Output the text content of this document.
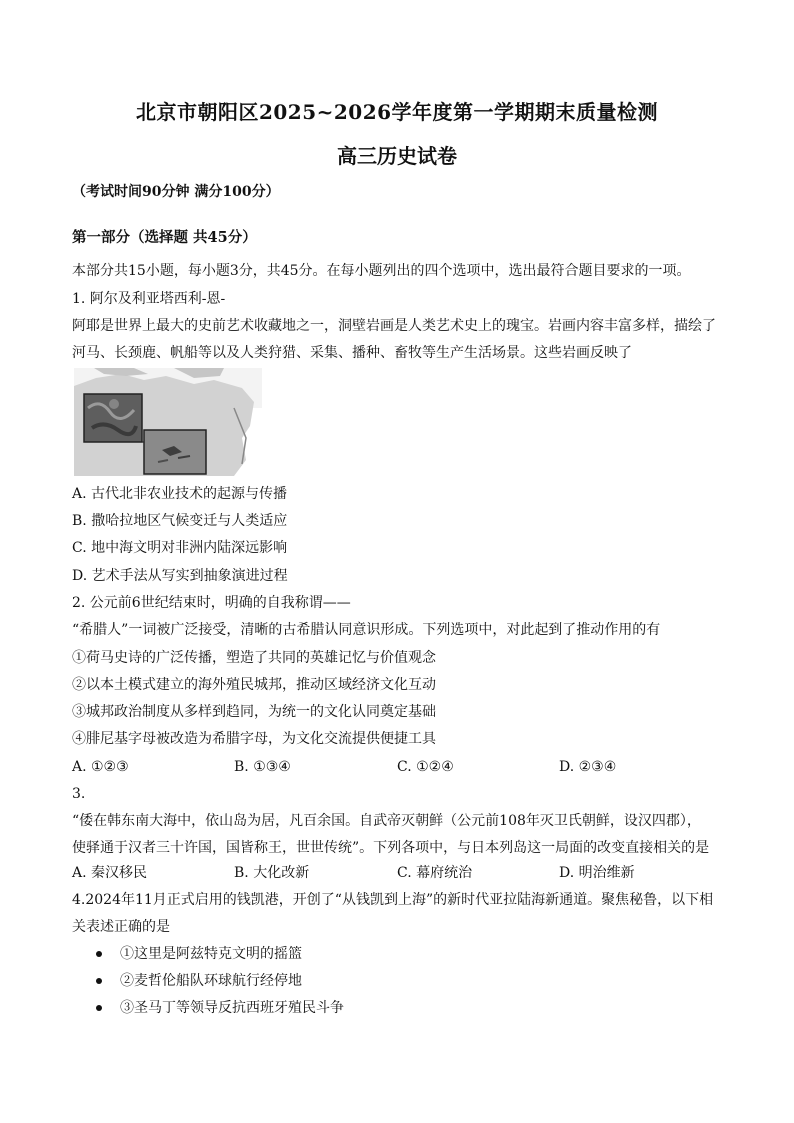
北京市朝阳区2025~2026学年度第一学期期末质量检测
高三历史试卷
（考试时间90分钟 满分100分）
第一部分（选择题 共45分）
本部分共15小题，每小题3分，共45分。在每小题列出的四个选项中，选出最符合题目要求的一项。
1. 阿尔及利亚塔西利-恩-
阿耶是世界上最大的史前艺术收藏地之一，洞壁岩画是人类艺术史上的瑰宝。岩画内容丰富多样，描绘了
河马、长颈鹿、帆船等以及人类狩猎、采集、播种、畜牧等生产生活场景。这些岩画反映了
A. 古代北非农业技术的起源与传播
B. 撒哈拉地区气候变迁与人类适应
C. 地中海文明对非洲内陆深远影响
D. 艺术手法从写实到抽象演进过程
2. 公元前6世纪结束时，明确的自我称谓——
“希腊人”一词被广泛接受，清晰的古希腊认同意识形成。下列选项中，对此起到了推动作用的有
①荷马史诗的广泛传播，塑造了共同的英雄记忆与价值观念
②以本土模式建立的海外殖民城邦，推动区域经济文化互动
③城邦政治制度从多样到趋同，为统一的文化认同奠定基础
④腓尼基字母被改造为希腊字母，为文化交流提供便捷工具
A. ①②③	B. ①③④	C. ①②④	D. ②③④
3.
“倭在韩东南大海中，依山岛为居，凡百余国。自武帝灭朝鲜（公元前108年灭卫氏朝鲜，设汉四郡），
使驿通于汉者三十许国，国皆称王，世世传统”。下列各项中，与日本列岛这一局面的改变直接相关的是
A. 秦汉移民	B. 大化改新	C. 幕府统治	D. 明治维新
4.2024年11月正式启用的钱凯港，开创了“从钱凯到上海”的新时代亚拉陆海新通道。聚焦秘鲁，以下相
关表述正确的是
①这里是阿兹特克文明的摇篮
②麦哲伦船队环球航行经停地
③圣马丁等领导反抗西班牙殖民斗争
